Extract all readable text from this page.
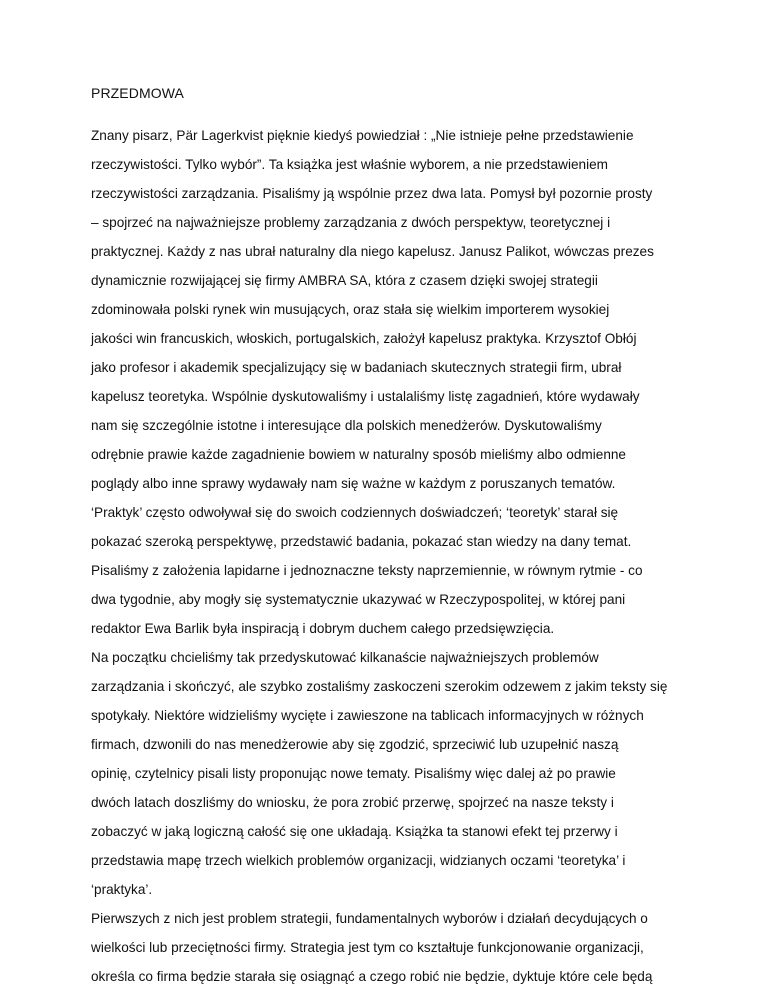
PRZEDMOWA
Znany pisarz, Pär Lagerkvist pięknie kiedyś powiedział : „Nie istnieje pełne przedstawienie
rzeczywistości. Tylko wybór”. Ta książka jest właśnie wyborem, a nie przedstawieniem
rzeczywistości zarządzania. Pisaliśmy ją wspólnie przez dwa lata. Pomysł był pozornie prosty
– spojrzeć na najważniejsze problemy zarządzania z dwóch perspektyw, teoretycznej i
praktycznej. Każdy z nas ubrał naturalny dla niego kapelusz. Janusz Palikot, wówczas prezes
dynamicznie rozwijającej się firmy AMBRA SA, która z czasem dzięki swojej strategii
zdominowała polski rynek win musujących, oraz stała się wielkim importerem wysokiej
jakości win francuskich, włoskich, portugalskich, założył kapelusz praktyka. Krzysztof Obłój
jako profesor i akademik specjalizujący się w badaniach skutecznych strategii firm, ubrał
kapelusz teoretyka. Wspólnie dyskutowaliśmy i ustalaliśmy listę zagadnień, które wydawały
nam się szczególnie istotne i interesujące dla polskich menedżerów. Dyskutowaliśmy
odrębnie prawie każde zagadnienie bowiem w naturalny sposób mieliśmy albo odmienne
poglądy albo inne sprawy wydawały nam się ważne w każdym z poruszanych tematów.
‘Praktyk’ często odwoływał się do swoich codziennych doświadczeń; ‘teoretyk’ starał się
pokazać szeroką perspektywę, przedstawić badania, pokazać stan wiedzy na dany temat.
Pisaliśmy z założenia lapidarne i jednoznaczne teksty naprzemiennie, w równym rytmie - co
dwa tygodnie, aby mogły się systematycznie ukazywać w Rzeczypospolitej, w której pani
redaktor Ewa Barlik była inspiracją i dobrym duchem całego przedsięwzięcia.
Na początku chcieliśmy tak przedyskutować kilkanaście najważniejszych problemów
zarządzania i skończyć, ale szybko zostaliśmy zaskoczeni szerokim odzewem z jakim teksty się
spotykały. Niektóre widzieliśmy wycięte i zawieszone na tablicach informacyjnych w różnych
firmach, dzwonili do nas menedżerowie aby się zgodzić, sprzeciwić lub uzupełnić naszą
opinię, czytelnicy pisali listy proponując nowe tematy. Pisaliśmy więc dalej aż po prawie
dwóch latach doszliśmy do wniosku, że pora zrobić przerwę, spojrzeć na nasze teksty i
zobaczyć w jaką logiczną całość się one układają. Książka ta stanowi efekt tej przerwy i
przedstawia mapę trzech wielkich problemów organizacji, widzianych oczami ‘teoretyka’ i
‘praktyka’.
Pierwszych z nich jest problem strategii, fundamentalnych wyborów i działań decydujących o
wielkości lub przeciętności firmy. Strategia jest tym co kształtuje funkcjonowanie organizacji,
określa co firma będzie starała się osiągnąć a czego robić nie będzie, dyktuje które cele będą
